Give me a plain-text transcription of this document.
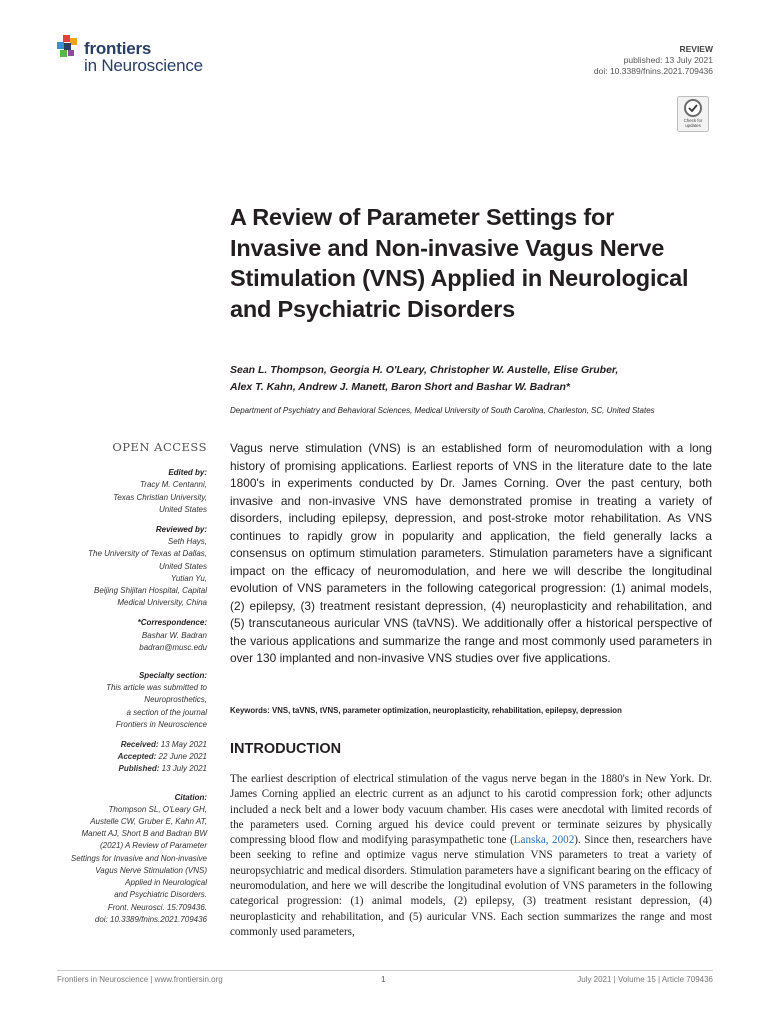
frontiers
in Neuroscience
REVIEW
published: 13 July 2021
doi: 10.3389/fnins.2021.709436
Check for
updates
A Review of Parameter Settings for Invasive and Non-invasive Vagus Nerve Stimulation (VNS) Applied in Neurological and Psychiatric Disorders
Sean L. Thompson, Georgia H. O'Leary, Christopher W. Austelle, Elise Gruber,
Alex T. Kahn, Andrew J. Manett, Baron Short and Bashar W. Badran*
Department of Psychiatry and Behavioral Sciences, Medical University of South Carolina, Charleston, SC, United States
OPEN ACCESS
Edited by:
Tracy M. Centanni,
Texas Christian University,
United States
Reviewed by:
Seth Hays,
The University of Texas at Dallas,
United States
Yutian Yu,
Beijing Shijitan Hospital, Capital
Medical University, China
*Correspondence:
Bashar W. Badran
badran@musc.edu
Specialty section:
This article was submitted to
Neuroprosthetics,
a section of the journal
Frontiers in Neuroscience
Received: 13 May 2021
Accepted: 22 June 2021
Published: 13 July 2021
Citation:
Thompson SL, O'Leary GH,
Austelle CW, Gruber E, Kahn AT,
Manett AJ, Short B and Badran BW
(2021) A Review of Parameter
Settings for Invasive and Non-invasive
Vagus Nerve Stimulation (VNS)
Applied in Neurological
and Psychiatric Disorders.
Front. Neurosci. 15:709436.
doi: 10.3389/fnins.2021.709436
Vagus nerve stimulation (VNS) is an established form of neuromodulation with a long history of promising applications. Earliest reports of VNS in the literature date to the late 1800's in experiments conducted by Dr. James Corning. Over the past century, both invasive and non-invasive VNS have demonstrated promise in treating a variety of disorders, including epilepsy, depression, and post-stroke motor rehabilitation. As VNS continues to rapidly grow in popularity and application, the field generally lacks a consensus on optimum stimulation parameters. Stimulation parameters have a significant impact on the efficacy of neuromodulation, and here we will describe the longitudinal evolution of VNS parameters in the following categorical progression: (1) animal models, (2) epilepsy, (3) treatment resistant depression, (4) neuroplasticity and rehabilitation, and (5) transcutaneous auricular VNS (taVNS). We additionally offer a historical perspective of the various applications and summarize the range and most commonly used parameters in over 130 implanted and non-invasive VNS studies over five applications.
Keywords: VNS, taVNS, tVNS, parameter optimization, neuroplasticity, rehabilitation, epilepsy, depression
INTRODUCTION
The earliest description of electrical stimulation of the vagus nerve began in the 1880's in New York. Dr. James Corning applied an electric current as an adjunct to his carotid compression fork; other adjuncts included a neck belt and a lower body vacuum chamber. His cases were anecdotal with limited records of the parameters used. Corning argued his device could prevent or terminate seizures by physically compressing blood flow and modifying parasympathetic tone (Lanska, 2002). Since then, researchers have been seeking to refine and optimize vagus nerve stimulation VNS parameters to treat a variety of neuropsychiatric and medical disorders. Stimulation parameters have a significant bearing on the efficacy of neuromodulation, and here we will describe the longitudinal evolution of VNS parameters in the following categorical progression: (1) animal models, (2) epilepsy, (3) treatment resistant depression, (4) neuroplasticity and rehabilitation, and (5) auricular VNS. Each section summarizes the range and most commonly used parameters,
Frontiers in Neuroscience | www.frontiersin.org	1	July 2021 | Volume 15 | Article 709436
